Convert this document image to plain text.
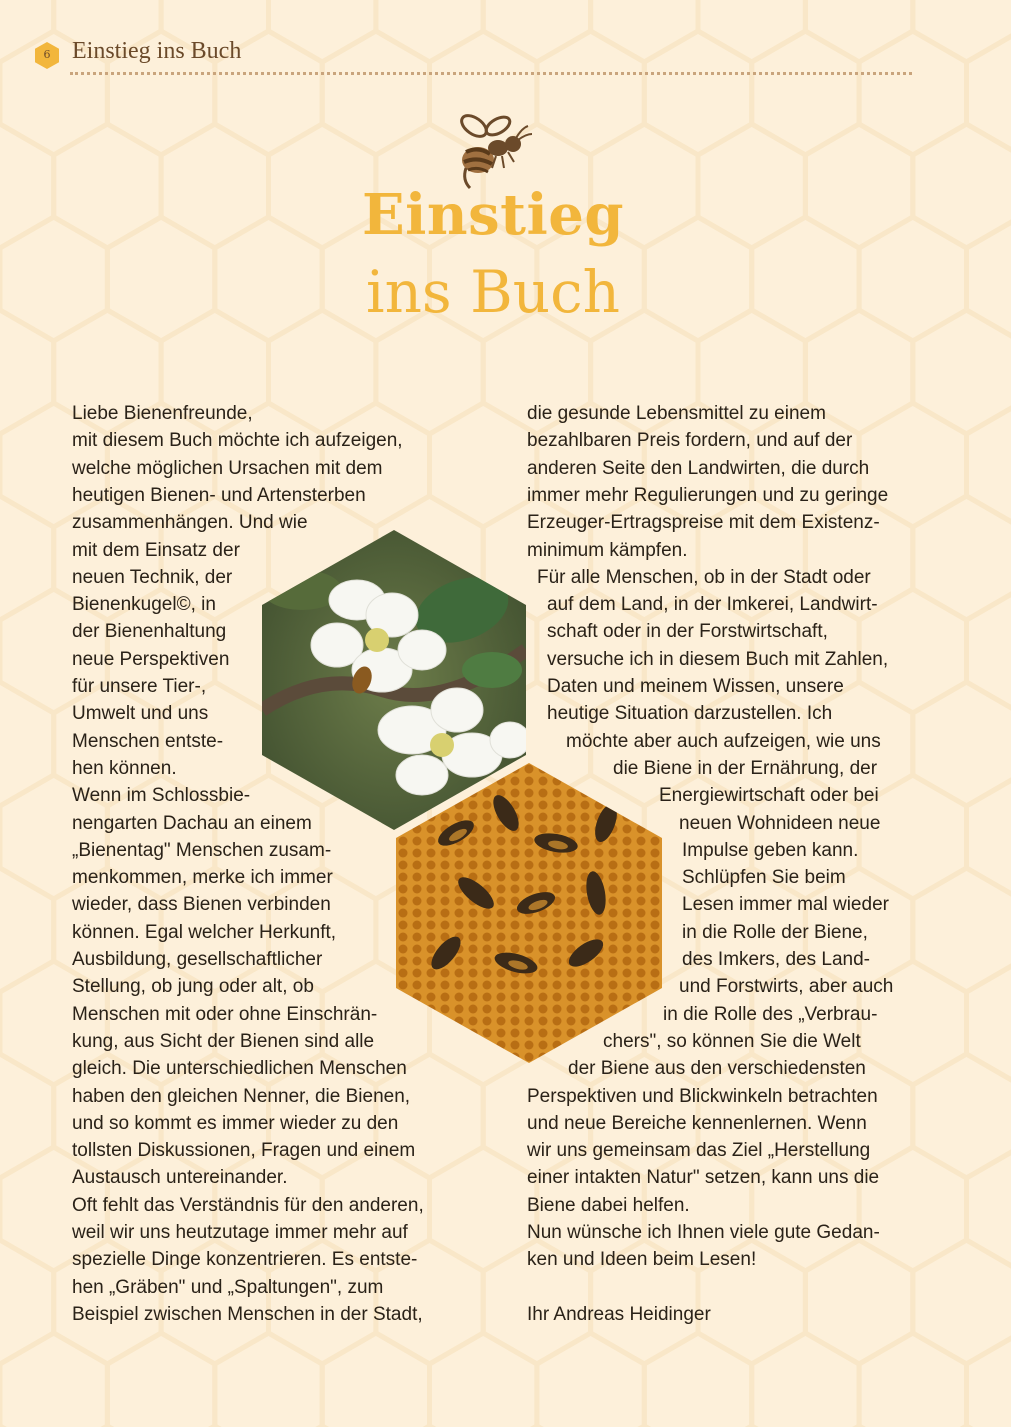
6 Einstieg ins Buch
Einstieg
ins Buch
Liebe Bienenfreunde,
mit diesem Buch möchte ich aufzeigen,
welche möglichen Ursachen mit dem
heutigen Bienen- und Artensterben
zusammenhängen. Und wie
mit dem Einsatz der
neuen Technik, der
Bienenkugel©, in
der Bienenhaltung
neue Perspektiven
für unsere Tier-,
Umwelt und uns
Menschen entste-
hen können.
Wenn im Schlossbie-
nengarten Dachau an einem
„Bienentag" Menschen zusam-
menkommen, merke ich immer
wieder, dass Bienen verbinden
können. Egal welcher Herkunft,
Ausbildung, gesellschaftlicher
Stellung, ob jung oder alt, ob
Menschen mit oder ohne Einschrän-
kung, aus Sicht der Bienen sind alle
gleich. Die unterschiedlichen Menschen
haben den gleichen Nenner, die Bienen,
und so kommt es immer wieder zu den
tollsten Diskussionen, Fragen und einem
Austausch untereinander.
Oft fehlt das Verständnis für den anderen,
weil wir uns heutzutage immer mehr auf
spezielle Dinge konzentrieren. Es entste-
hen „Gräben" und „Spaltungen", zum
Beispiel zwischen Menschen in der Stadt,
die gesunde Lebensmittel zu einem
bezahlbaren Preis fordern, und auf der
anderen Seite den Landwirten, die durch
immer mehr Regulierungen und zu geringe
Erzeuger-Ertragspreise mit dem Existenz-
minimum kämpfen.
Für alle Menschen, ob in der Stadt oder
auf dem Land, in der Imkerei, Landwirt-
schaft oder in der Forstwirtschaft,
versuche ich in diesem Buch mit Zahlen,
Daten und meinem Wissen, unsere
heutige Situation darzustellen. Ich
möchte aber auch aufzeigen, wie uns
die Biene in der Ernährung, der
Energiewirtschaft oder bei
neuen Wohnideen neue
Impulse geben kann.
Schlüpfen Sie beim
Lesen immer mal wieder
in die Rolle der Biene,
des Imkers, des Land-
und Forstwirts, aber auch
in die Rolle des „Verbrau-
chers", so können Sie die Welt
der Biene aus den verschiedensten
Perspektiven und Blickwinkeln betrachten
und neue Bereiche kennenlernen. Wenn
wir uns gemeinsam das Ziel „Herstellung
einer intakten Natur" setzen, kann uns die
Biene dabei helfen.
Nun wünsche ich Ihnen viele gute Gedan-
ken und Ideen beim Lesen!
Ihr Andreas Heidinger
